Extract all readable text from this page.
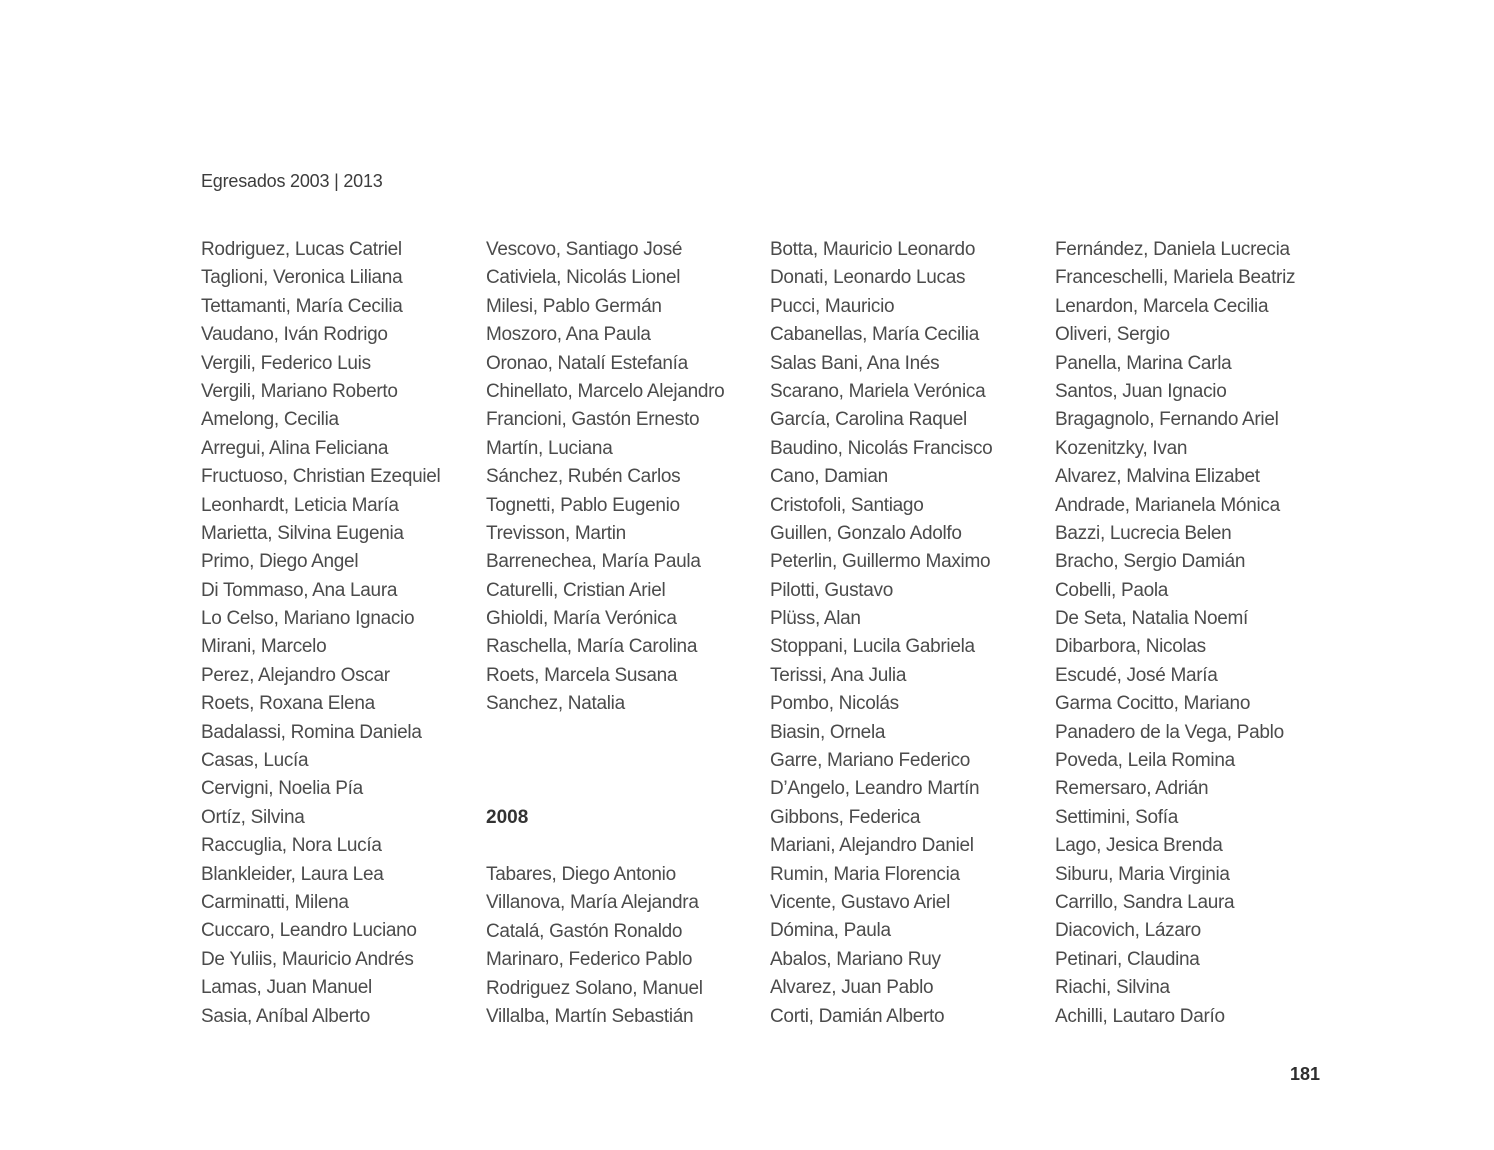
Egresados 2003 | 2013
Rodriguez, Lucas Catriel
Taglioni, Veronica Liliana
Tettamanti, María Cecilia
Vaudano, Iván Rodrigo
Vergili, Federico Luis
Vergili, Mariano Roberto
Amelong, Cecilia
Arregui, Alina Feliciana
Fructuoso, Christian Ezequiel
Leonhardt, Leticia María
Marietta, Silvina Eugenia
Primo, Diego Angel
Di Tommaso, Ana Laura
Lo Celso, Mariano Ignacio
Mirani, Marcelo
Perez, Alejandro Oscar
Roets, Roxana Elena
Badalassi, Romina Daniela
Casas, Lucía
Cervigni, Noelia Pía
Ortíz, Silvina
Raccuglia, Nora Lucía
Blankleider, Laura Lea
Carminatti, Milena
Cuccaro, Leandro Luciano
De Yuliis, Mauricio Andrés
Lamas, Juan Manuel
Sasia, Aníbal Alberto
Vescovo, Santiago José
Cativiela, Nicolás Lionel
Milesi, Pablo Germán
Moszoro, Ana Paula
Oronao, Natalí Estefanía
Chinellato, Marcelo Alejandro
Francioni, Gastón Ernesto
Martín, Luciana
Sánchez, Rubén Carlos
Tognetti, Pablo Eugenio
Trevisson, Martin
Barrenechea, María Paula
Caturelli, Cristian Ariel
Ghioldi, María Verónica
Raschella, María Carolina
Roets, Marcela Susana
Sanchez, Natalia
Botta, Mauricio Leonardo
Donati, Leonardo Lucas
Pucci, Mauricio
Cabanellas, María Cecilia
Salas Bani, Ana Inés
Scarano, Mariela Verónica
García, Carolina Raquel
Baudino, Nicolás Francisco
Cano, Damian
Cristofoli, Santiago
Guillen, Gonzalo Adolfo
Peterlin, Guillermo Maximo
Pilotti, Gustavo
Plüss, Alan
Stoppani, Lucila Gabriela
Terissi, Ana Julia
Pombo, Nicolás
Biasin, Ornela
Garre, Mariano Federico
D’Angelo, Leandro Martín
Gibbons, Federica
Mariani, Alejandro Daniel
Rumin, Maria Florencia
Vicente, Gustavo Ariel
Dómina, Paula
Abalos, Mariano Ruy
Alvarez, Juan Pablo
Corti, Damián Alberto
Fernández, Daniela Lucrecia
Franceschelli, Mariela Beatriz
Lenardon, Marcela Cecilia
Oliveri, Sergio
Panella, Marina Carla
Santos, Juan Ignacio
Bragagnolo, Fernando Ariel
Kozenitzky, Ivan
Alvarez, Malvina Elizabet
Andrade, Marianela Mónica
Bazzi, Lucrecia Belen
Bracho, Sergio Damián
Cobelli, Paola
De Seta, Natalia Noemí
Dibarbora, Nicolas
Escudé, José María
Garma Cocitto, Mariano
Panadero de la Vega, Pablo
Poveda, Leila Romina
Remersaro, Adrián
Settimini, Sofía
Lago, Jesica Brenda
Siburu, Maria Virginia
Carrillo, Sandra Laura
Diacovich, Lázaro
Petinari, Claudina
Riachi, Silvina
Achilli, Lautaro Darío
2008
Tabares, Diego Antonio
Villanova, María Alejandra
Catalá, Gastón Ronaldo
Marinaro, Federico Pablo
Rodriguez Solano, Manuel
Villalba, Martín Sebastián
181
